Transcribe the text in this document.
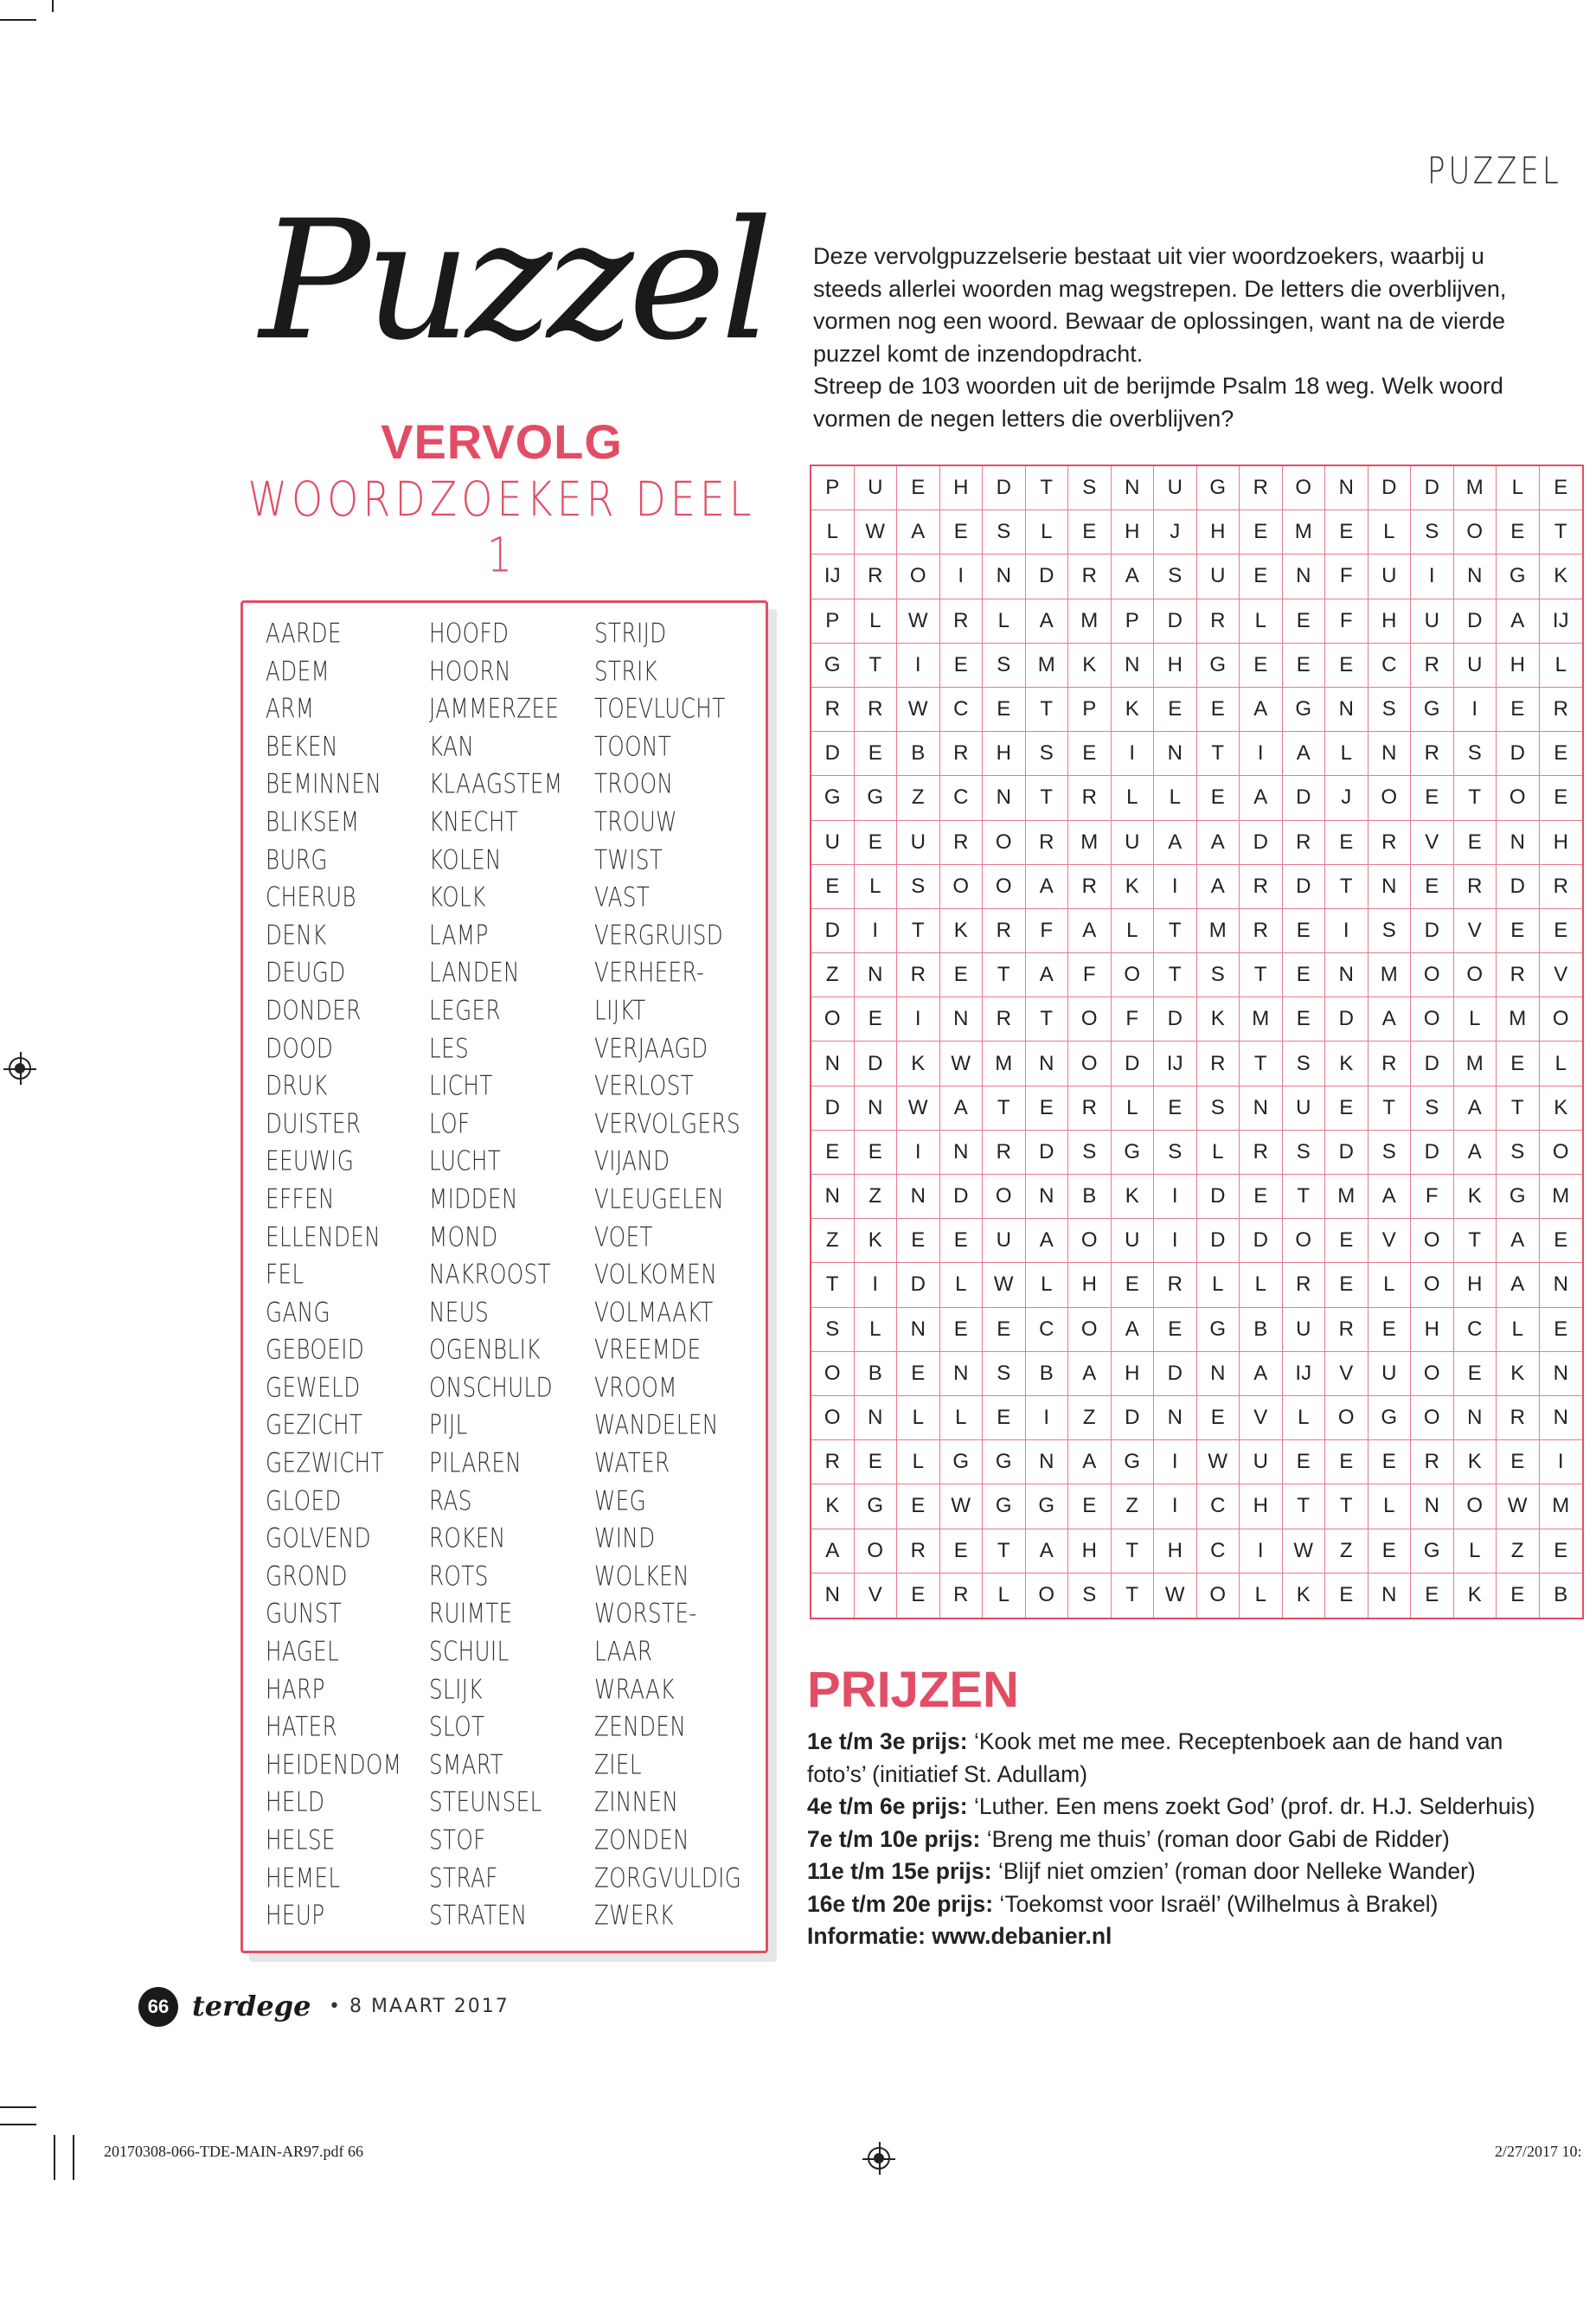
PUZZEL
Puzzel
VERVOLG
WOORDZOEKER DEEL 1

Deze vervolgpuzzelserie bestaat uit vier woordzoekers, waarbij u steeds allerlei woorden mag wegstrepen. De letters die overblijven, vormen nog een woord. Bewaar de oplossingen, want na de vierde puzzel komt de inzendopdracht.

Streep de 103 woorden uit de berijmde Psalm 18 weg. Welk woord vormen de negen letters die overblijven?

AARDE
ADEM
ARM
BEKEN
BEMINNEN
BLIKSEM
BURG
CHERUB
DENK
DEUGD
DONDER
DOOD
DRUK
DUISTER
EEUWIG
EFFEN
ELLENDEN
FEL
GANG
GEBOEID
GEWELD
GEZICHT
GEZWICHT
GLOED
GOLVEND
GROND
GUNST
HAGEL
HARP
HATER
HEIDENDOM
HELD
HELSE
HEMEL
HEUP
HOOFD
HOORN
JAMMERZEE
KAN
KLAAGSTEM
KNECHT
KOLEN
KOLK
LAMP
LANDEN
LEGER
LES
LICHT
LOF
LUCHT
MIDDEN
MOND
NAKROOST
NEUS
OGENBLIK
ONSCHULD
PIJL
PILAREN
RAS
ROKEN
ROTS
RUIMTE
SCHUIL
SLIJK
SLOT
SMART
STEUNSEL
STOF
STRAF
STRATEN
STRIJD
STRIK
TOEVLUCHT
TOONT
TROON
TROUW
TWIST
VAST
VERGRUISD
VERHEER-
LIJKT
VERJAAGD
VERLOST
VERVOLGERS
VIJAND
VLEUGELEN
VOET
VOLKOMEN
VOLMAAKT
VREEMDE
VROOM
WANDELEN
WATER
WEG
WIND
WOLKEN
WORSTE-
LAAR
WRAAK
ZENDEN
ZIEL
ZINNEN
ZONDEN
ZORGVULDIG
ZWERK
P	U	E	H	D	T	S	N	U	G	R	O	N	D	D	M	L	E
L	W	A	E	S	L	E	H	J	H	E	M	E	L	S	O	E	T
IJ	R	O	I	N	D	R	A	S	U	E	N	F	U	I	N	G	K
P	L	W	R	L	A	M	P	D	R	L	E	F	H	U	D	A	IJ
G	T	I	E	S	M	K	N	H	G	E	E	E	C	R	U	H	L
R	R	W	C	E	T	P	K	E	E	A	G	N	S	G	I	E	R
D	E	B	R	H	S	E	I	N	T	I	A	L	N	R	S	D	E
G	G	Z	C	N	T	R	L	L	E	A	D	J	O	E	T	O	E
U	E	U	R	O	R	M	U	A	A	D	R	E	R	V	E	N	H
E	L	S	O	O	A	R	K	I	A	R	D	T	N	E	R	D	R
D	I	T	K	R	F	A	L	T	M	R	E	I	S	D	V	E	E
Z	N	R	E	T	A	F	O	T	S	T	E	N	M	O	O	R	V
O	E	I	N	R	T	O	F	D	K	M	E	D	A	O	L	M	O
N	D	K	W	M	N	O	D	IJ	R	T	S	K	R	D	M	E	L
D	N	W	A	T	E	R	L	E	S	N	U	E	T	S	A	T	K
E	E	I	N	R	D	S	G	S	L	R	S	D	S	D	A	S	O
N	Z	N	D	O	N	B	K	I	D	E	T	M	A	F	K	G	M
Z	K	E	E	U	A	O	U	I	D	D	O	E	V	O	T	A	E
T	I	D	L	W	L	H	E	R	L	L	R	E	L	O	H	A	N
S	L	N	E	E	C	O	A	E	G	B	U	R	E	H	C	L	E
O	B	E	N	S	B	A	H	D	N	A	IJ	V	U	O	E	K	N
O	N	L	L	E	I	Z	D	N	E	V	L	O	G	O	N	R	N
R	E	L	G	G	N	A	G	I	W	U	E	E	E	R	K	E	I
K	G	E	W	G	G	E	Z	I	C	H	T	T	L	N	O	W	M
A	O	R	E	T	A	H	T	H	C	I	W	Z	E	G	L	Z	E
N	V	E	R	L	O	S	T	W	O	L	K	E	N	E	K	E	B
PRIJZEN
1e t/m 3e prijs: ‘Kook met me mee. Receptenboek aan de hand van
foto’s’ (initiatief St. Adullam)
4e t/m 6e prijs: ‘Luther. Een mens zoekt God’ (prof. dr. H.J. Selderhuis)
7e t/m 10e prijs: ‘Breng me thuis’ (roman door Gabi de Ridder)
11e t/m 15e prijs: ‘Blijf niet omzien’ (roman door Nelleke Wander)
16e t/m 20e prijs: ‘Toekomst voor Israël’ (Wilhelmus à Brakel)
Informatie: www.debanier.nl
66 terdege • 8 MAART 2017
20170308-066-TDE-MAIN-AR97.pdf 66	2/27/2017 10:
